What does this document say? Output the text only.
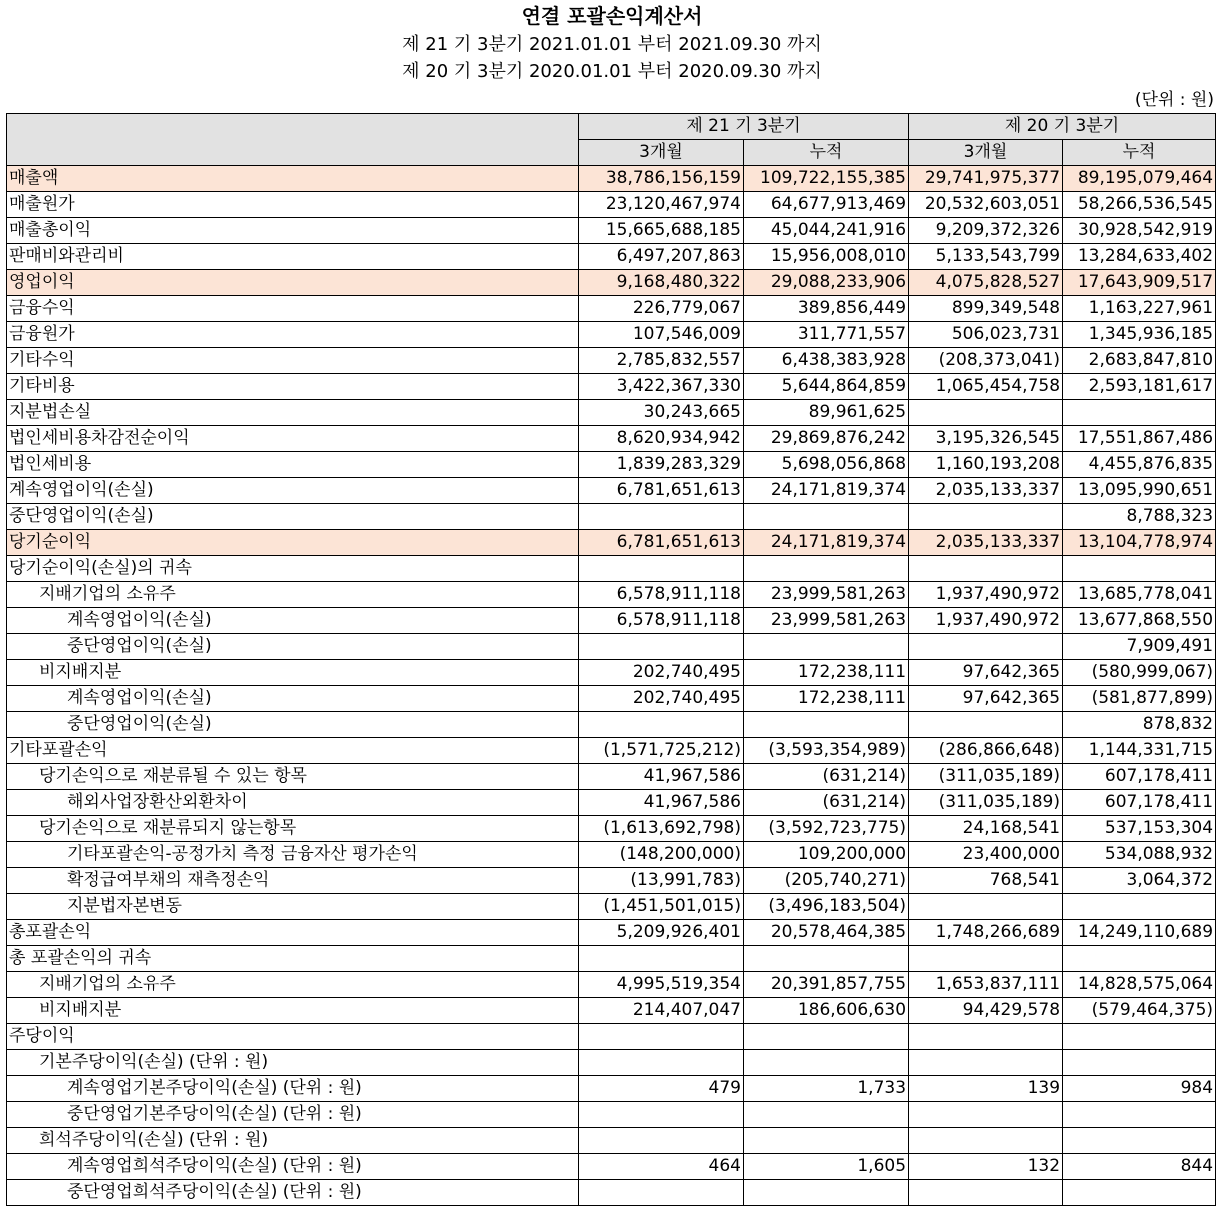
연결 포괄손익계산서
제 21 기 3분기 2021.01.01 부터 2021.09.30 까지
제 20 기 3분기 2020.01.01 부터 2020.09.30 까지
(단위 : 원)
	제 21 기 3분기		제 20 기 3분기	
	3개월	누적	3개월	누적
매출액	38,786,156,159	109,722,155,385	29,741,975,377	89,195,079,464
매출원가	23,120,467,974	64,677,913,469	20,532,603,051	58,266,536,545
매출총이익	15,665,688,185	45,044,241,916	9,209,372,326	30,928,542,919
판매비와관리비	6,497,207,863	15,956,008,010	5,133,543,799	13,284,633,402
영업이익	9,168,480,322	29,088,233,906	4,075,828,527	17,643,909,517
금융수익	226,779,067	389,856,449	899,349,548	1,163,227,961
금융원가	107,546,009	311,771,557	506,023,731	1,345,936,185
기타수익	2,785,832,557	6,438,383,928	(208,373,041)	2,683,847,810
기타비용	3,422,367,330	5,644,864,859	1,065,454,758	2,593,181,617
지분법손실	30,243,665	89,961,625		
법인세비용차감전순이익	8,620,934,942	29,869,876,242	3,195,326,545	17,551,867,486
법인세비용	1,839,283,329	5,698,056,868	1,160,193,208	4,455,876,835
계속영업이익(손실)	6,781,651,613	24,171,819,374	2,035,133,337	13,095,990,651
중단영업이익(손실)				8,788,323
당기순이익	6,781,651,613	24,171,819,374	2,035,133,337	13,104,778,974
당기순이익(손실)의 귀속				
지배기업의 소유주	6,578,911,118	23,999,581,263	1,937,490,972	13,685,778,041
계속영업이익(손실)	6,578,911,118	23,999,581,263	1,937,490,972	13,677,868,550
중단영업이익(손실)				7,909,491
비지배지분	202,740,495	172,238,111	97,642,365	(580,999,067)
계속영업이익(손실)	202,740,495	172,238,111	97,642,365	(581,877,899)
중단영업이익(손실)				878,832
기타포괄손익	(1,571,725,212)	(3,593,354,989)	(286,866,648)	1,144,331,715
당기손익으로 재분류될 수 있는 항목	41,967,586	(631,214)	(311,035,189)	607,178,411
해외사업장환산외환차이	41,967,586	(631,214)	(311,035,189)	607,178,411
당기손익으로 재분류되지 않는항목	(1,613,692,798)	(3,592,723,775)	24,168,541	537,153,304
기타포괄손익-공정가치 측정 금융자산 평가손익	(148,200,000)	109,200,000	23,400,000	534,088,932
확정급여부채의 재측정손익	(13,991,783)	(205,740,271)	768,541	3,064,372
지분법자본변동	(1,451,501,015)	(3,496,183,504)		
총포괄손익	5,209,926,401	20,578,464,385	1,748,266,689	14,249,110,689
총 포괄손익의 귀속				
지배기업의 소유주	4,995,519,354	20,391,857,755	1,653,837,111	14,828,575,064
비지배지분	214,407,047	186,606,630	94,429,578	(579,464,375)
주당이익				
기본주당이익(손실) (단위 : 원)				
계속영업기본주당이익(손실) (단위 : 원)	479	1,733	139	984
중단영업기본주당이익(손실) (단위 : 원)				
희석주당이익(손실) (단위 : 원)				
계속영업희석주당이익(손실) (단위 : 원)	464	1,605	132	844
중단영업희석주당이익(손실) (단위 : 원)				
